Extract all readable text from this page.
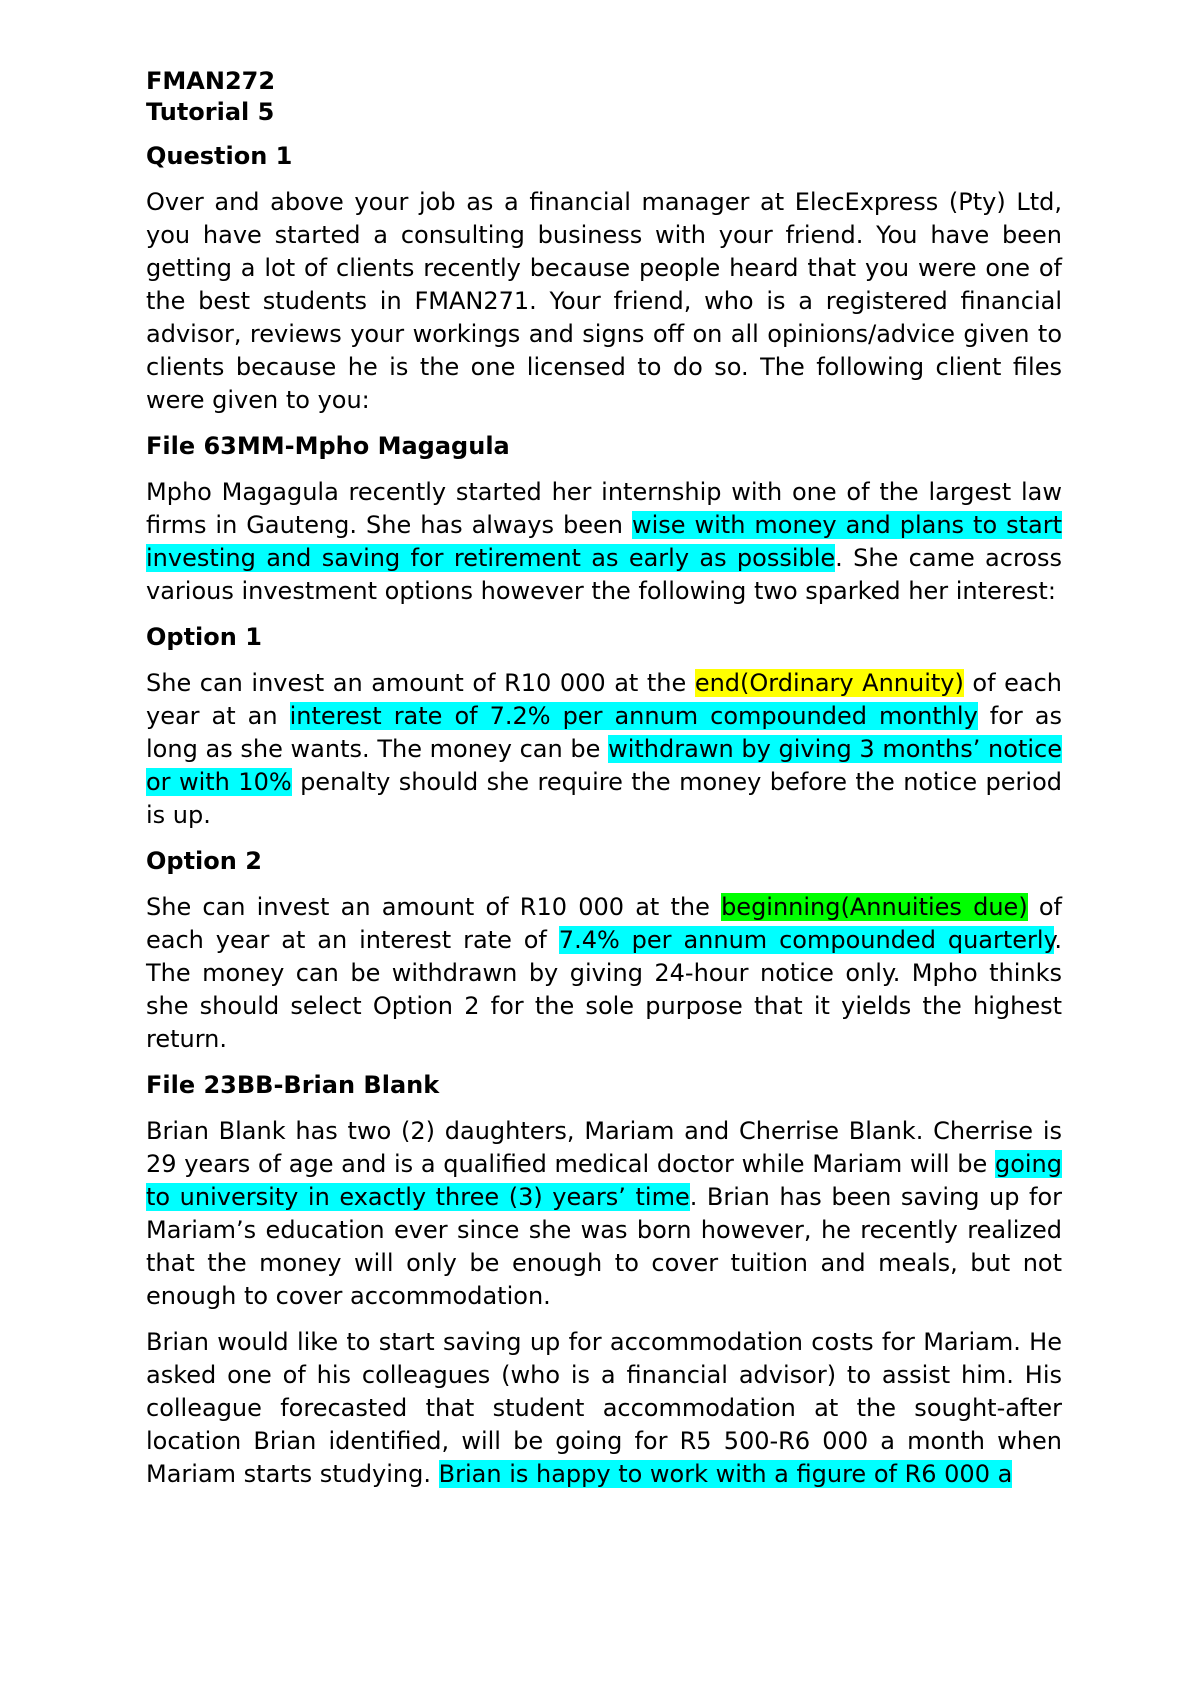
FMAN272
Tutorial 5
Question 1

Over and above your job as a financial manager at ElecExpress (Pty) Ltd, you have started a consulting business with your friend. You have been getting a lot of clients recently because people heard that you were one of the best students in FMAN271. Your friend, who is a registered financial advisor, reviews your workings and signs off on all opinions/advice given to clients because he is the one licensed to do so. The following client files were given to you:

File 63MM-Mpho Magagula

Mpho Magagula recently started her internship with one of the largest law firms in Gauteng. She has always been wise with money and plans to start investing and saving for retirement as early as possible. She came across various investment options however the following two sparked her interest:

Option 1

She can invest an amount of R10 000 at the end(Ordinary Annuity) of each year at an interest rate of 7.2% per annum compounded monthly for as long as she wants. The money can be withdrawn by giving 3 months’ notice or with 10% penalty should she require the money before the notice period is up.

Option 2

She can invest an amount of R10 000 at the beginning(Annuities due) of each year at an interest rate of 7.4% per annum compounded quarterly. The money can be withdrawn by giving 24-hour notice only. Mpho thinks she should select Option 2 for the sole purpose that it yields the highest return.

File 23BB-Brian Blank

Brian Blank has two (2) daughters, Mariam and Cherrise Blank. Cherrise is 29 years of age and is a qualified medical doctor while Mariam will be going to university in exactly three (3) years’ time. Brian has been saving up for Mariam’s education ever since she was born however, he recently realized that the money will only be enough to cover tuition and meals, but not enough to cover accommodation.

Brian would like to start saving up for accommodation costs for Mariam. He asked one of his colleagues (who is a financial advisor) to assist him. His colleague forecasted that student accommodation at the sought-after location Brian identified, will be going for R5 500-R6 000 a month when Mariam starts studying. Brian is happy to work with a figure of R6 000 a
